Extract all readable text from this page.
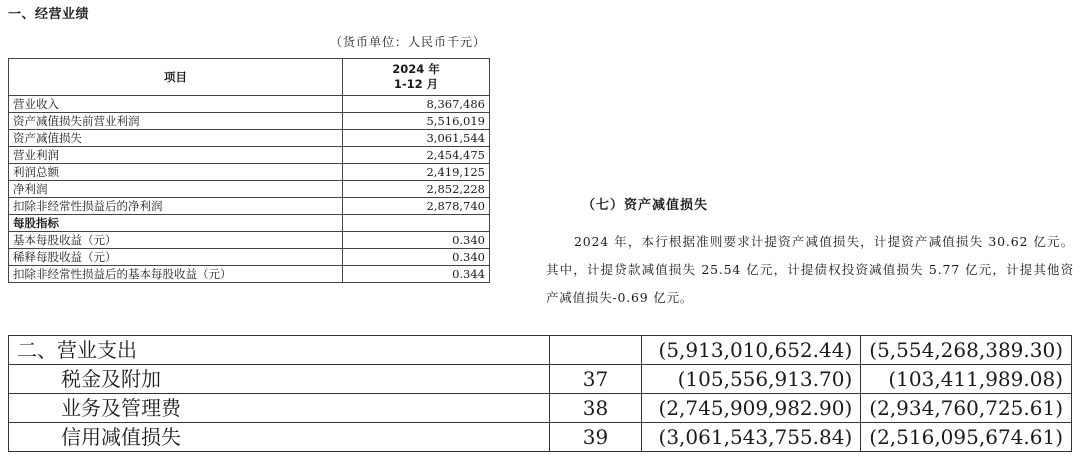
一、经营业绩
（货币单位：人民币千元）
项目	2024 年
1-12 月
营业收入	8,367,486
资产减值损失前营业利润	5,516,019
资产减值损失	3,061,544
营业利润	2,454,475
利润总额	2,419,125
净利润	2,852,228
扣除非经常性损益后的净利润	2,878,740
每股指标	
基本每股收益（元）	0.340
稀释每股收益（元）	0.340
扣除非经常性损益后的基本每股收益（元）	0.344
（七）资产减值损失
2024 年，本行根据准则要求计提资产减值损失，计提资产减值损失 30.62 亿元。其中，计提贷款减值损失 25.54 亿元，计提债权投资减值损失 5.77 亿元，计提其他资产减值损失-0.69 亿元。
二、营业支出		(5,913,010,652.44)	(5,554,268,389.30)
税金及附加	37	(105,556,913.70)	(103,411,989.08)
业务及管理费	38	(2,745,909,982.90)	(2,934,760,725.61)
信用减值损失	39	(3,061,543,755.84)	(2,516,095,674.61)
